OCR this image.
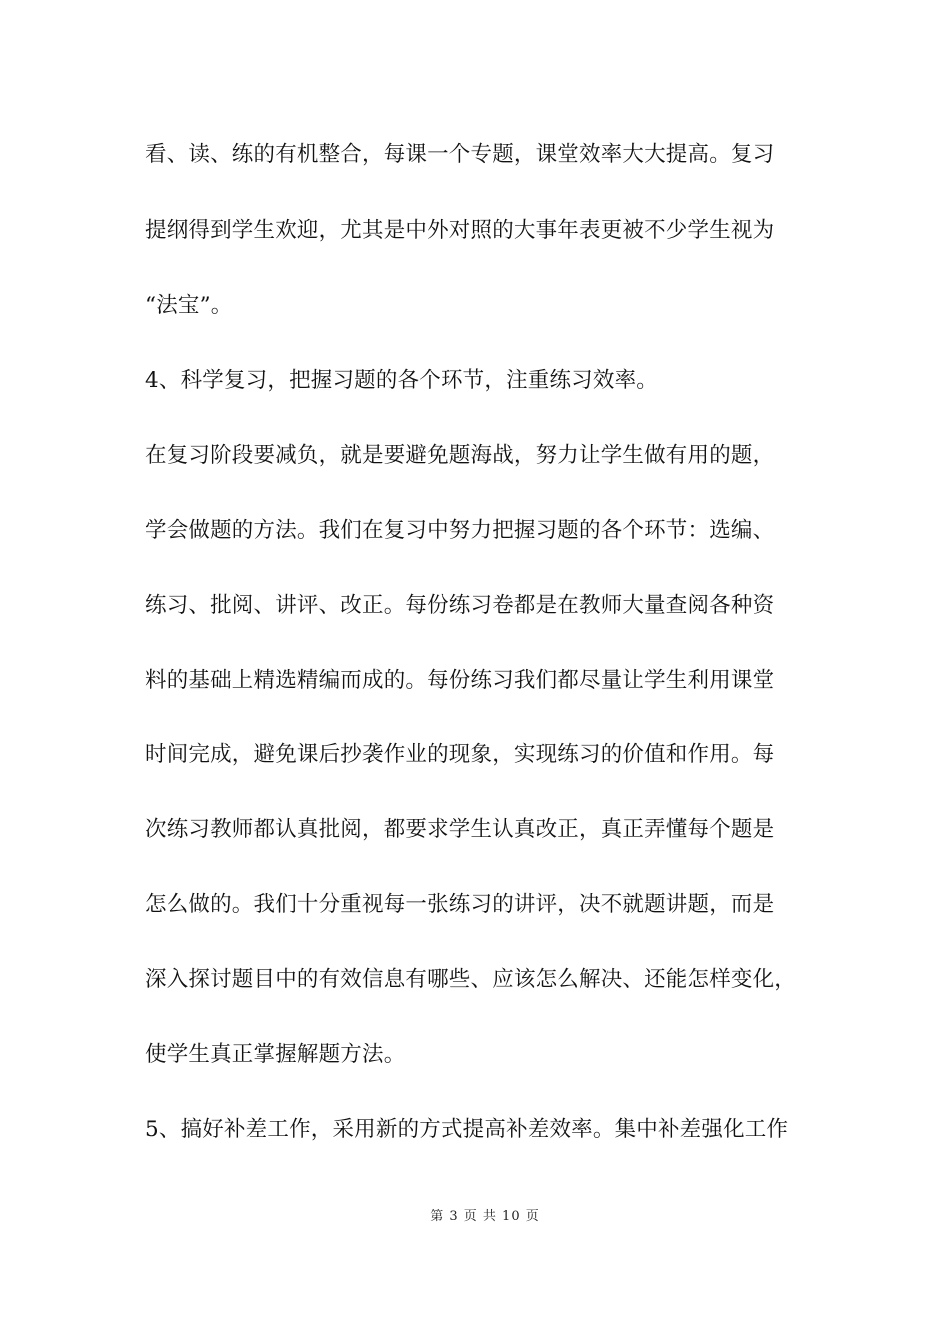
看、读、练的有机整合，每课一个专题，课堂效率大大提高。复习
提纲得到学生欢迎，尤其是中外对照的大事年表更被不少学生视为
“法宝”。
4、科学复习，把握习题的各个环节，注重练习效率。
在复习阶段要减负，就是要避免题海战，努力让学生做有用的题，
学会做题的方法。我们在复习中努力把握习题的各个环节：选编、
练习、批阅、讲评、改正。每份练习卷都是在教师大量查阅各种资
料的基础上精选精编而成的。每份练习我们都尽量让学生利用课堂
时间完成，避免课后抄袭作业的现象，实现练习的价值和作用。每
次练习教师都认真批阅，都要求学生认真改正，真正弄懂每个题是
怎么做的。我们十分重视每一张练习的讲评，决不就题讲题，而是
深入探讨题目中的有效信息有哪些、应该怎么解决、还能怎样变化，
使学生真正掌握解题方法。
5、搞好补差工作，采用新的方式提高补差效率。集中补差强化工作
第 3 页 共 10 页
